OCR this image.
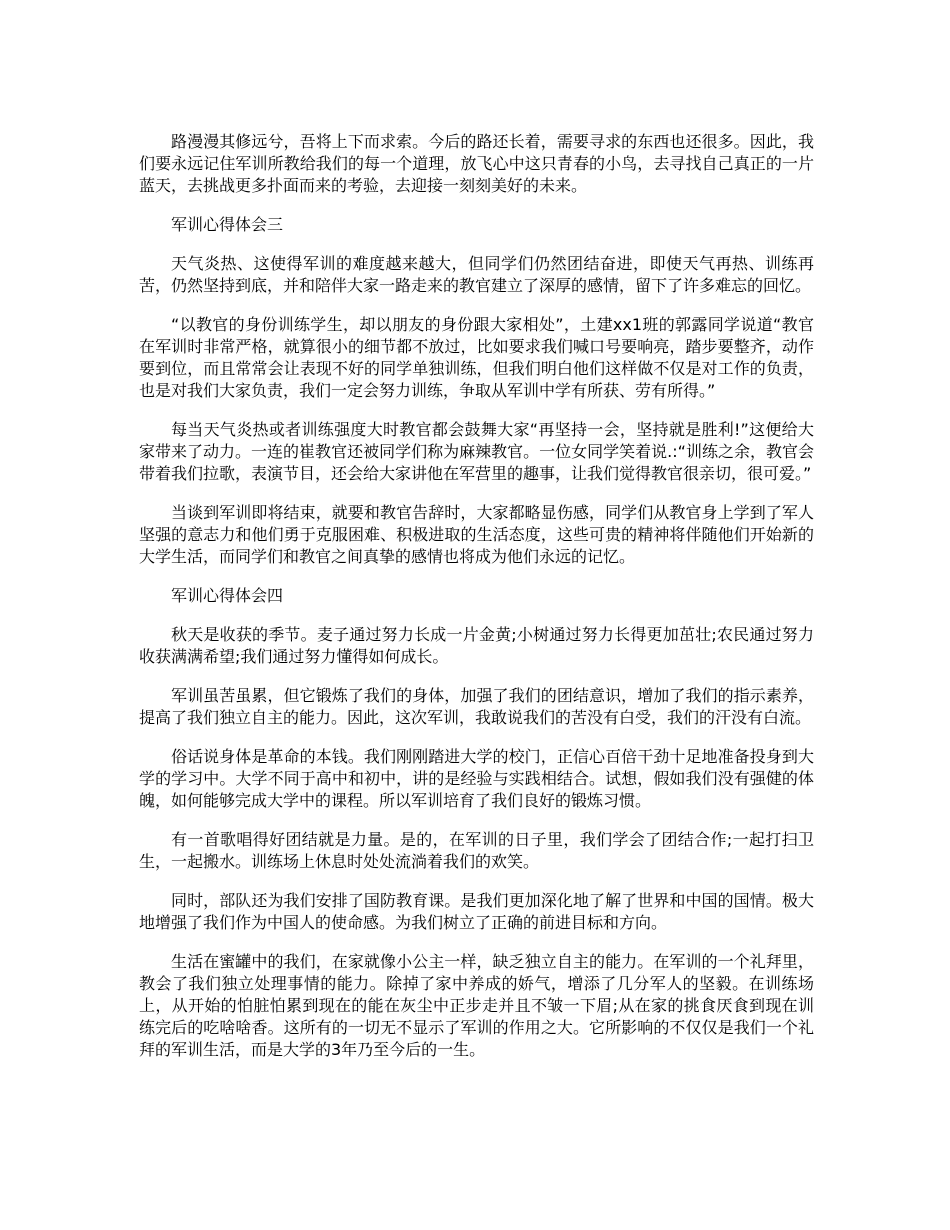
路漫漫其修远兮，吾将上下而求索。今后的路还长着，需要寻求的东西也还很多。因此，我们要永远记住军训所教给我们的每一个道理，放飞心中这只青春的小鸟，去寻找自己真正的一片蓝天，去挑战更多扑面而来的考验，去迎接一刻刻美好的未来。

军训心得体会三

天气炎热、这使得军训的难度越来越大，但同学们仍然团结奋进，即使天气再热、训练再苦，仍然坚持到底，并和陪伴大家一路走来的教官建立了深厚的感情，留下了许多难忘的回忆。

“以教官的身份训练学生，却以朋友的身份跟大家相处”，土建xx1班的郭露同学说道“教官在军训时非常严格，就算很小的细节都不放过，比如要求我们喊口号要响亮，踏步要整齐，动作要到位，而且常常会让表现不好的同学单独训练，但我们明白他们这样做不仅是对工作的负责，也是对我们大家负责，我们一定会努力训练，争取从军训中学有所获、劳有所得。”

每当天气炎热或者训练强度大时教官都会鼓舞大家“再坚持一会，坚持就是胜利!”这便给大家带来了动力。一连的崔教官还被同学们称为麻辣教官。一位女同学笑着说.:“训练之余，教官会带着我们拉歌，表演节目，还会给大家讲他在军营里的趣事，让我们觉得教官很亲切，很可爱。”

当谈到军训即将结束，就要和教官告辞时，大家都略显伤感，同学们从教官身上学到了军人坚强的意志力和他们勇于克服困难、积极进取的生活态度，这些可贵的精神将伴随他们开始新的大学生活，而同学们和教官之间真挚的感情也将成为他们永远的记忆。

军训心得体会四

秋天是收获的季节。麦子通过努力长成一片金黄;小树通过努力长得更加茁壮;农民通过努力收获满满希望;我们通过努力懂得如何成长。

军训虽苦虽累，但它锻炼了我们的身体，加强了我们的团结意识，增加了我们的指示素养，提高了我们独立自主的能力。因此，这次军训，我敢说我们的苦没有白受，我们的汗没有白流。

俗话说身体是革命的本钱。我们刚刚踏进大学的校门，正信心百倍干劲十足地准备投身到大学的学习中。大学不同于高中和初中，讲的是经验与实践相结合。试想，假如我们没有强健的体魄，如何能够完成大学中的课程。所以军训培育了我们良好的锻炼习惯。

有一首歌唱得好团结就是力量。是的，在军训的日子里，我们学会了团结合作;一起打扫卫生，一起搬水。训练场上休息时处处流淌着我们的欢笑。

同时，部队还为我们安排了国防教育课。是我们更加深化地了解了世界和中国的国情。极大地增强了我们作为中国人的使命感。为我们树立了正确的前进目标和方向。

生活在蜜罐中的我们，在家就像小公主一样，缺乏独立自主的能力。在军训的一个礼拜里，教会了我们独立处理事情的能力。除掉了家中养成的娇气，增添了几分军人的坚毅。在训练场上，从开始的怕脏怕累到现在的能在灰尘中正步走并且不皱一下眉;从在家的挑食厌食到现在训练完后的吃啥啥香。这所有的一切无不显示了军训的作用之大。它所影响的不仅仅是我们一个礼拜的军训生活，而是大学的3年乃至今后的一生。
